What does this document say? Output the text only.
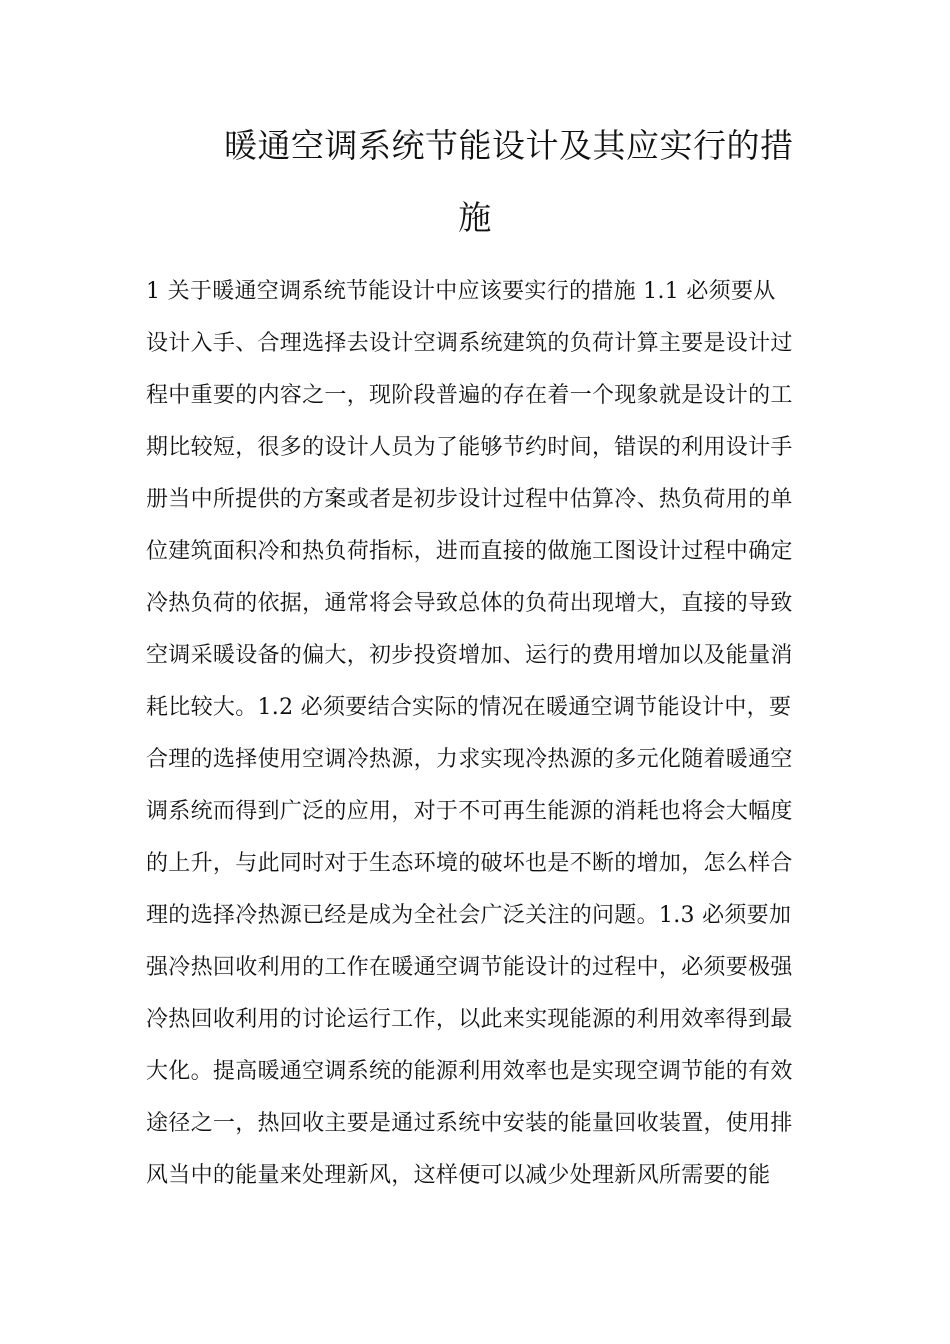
暖通空调系统节能设计及其应实行的措
施
1 关于暖通空调系统节能设计中应该要实行的措施 1.1 必须要从
设计入手、合理选择去设计空调系统建筑的负荷计算主要是设计过
程中重要的内容之一，现阶段普遍的存在着一个现象就是设计的工
期比较短，很多的设计人员为了能够节约时间，错误的利用设计手
册当中所提供的方案或者是初步设计过程中估算冷、热负荷用的单
位建筑面积冷和热负荷指标，进而直接的做施工图设计过程中确定
冷热负荷的依据，通常将会导致总体的负荷出现增大，直接的导致
空调采暖设备的偏大，初步投资增加、运行的费用增加以及能量消
耗比较大。1.2 必须要结合实际的情况在暖通空调节能设计中，要
合理的选择使用空调冷热源，力求实现冷热源的多元化随着暖通空
调系统而得到广泛的应用，对于不可再生能源的消耗也将会大幅度
的上升，与此同时对于生态环境的破坏也是不断的增加，怎么样合
理的选择冷热源已经是成为全社会广泛关注的问题。1.3 必须要加
强冷热回收利用的工作在暖通空调节能设计的过程中，必须要极强
冷热回收利用的讨论运行工作，以此来实现能源的利用效率得到最
大化。提高暖通空调系统的能源利用效率也是实现空调节能的有效
途径之一，热回收主要是通过系统中安装的能量回收装置，使用排
风当中的能量来处理新风，这样便可以减少处理新风所需要的能
